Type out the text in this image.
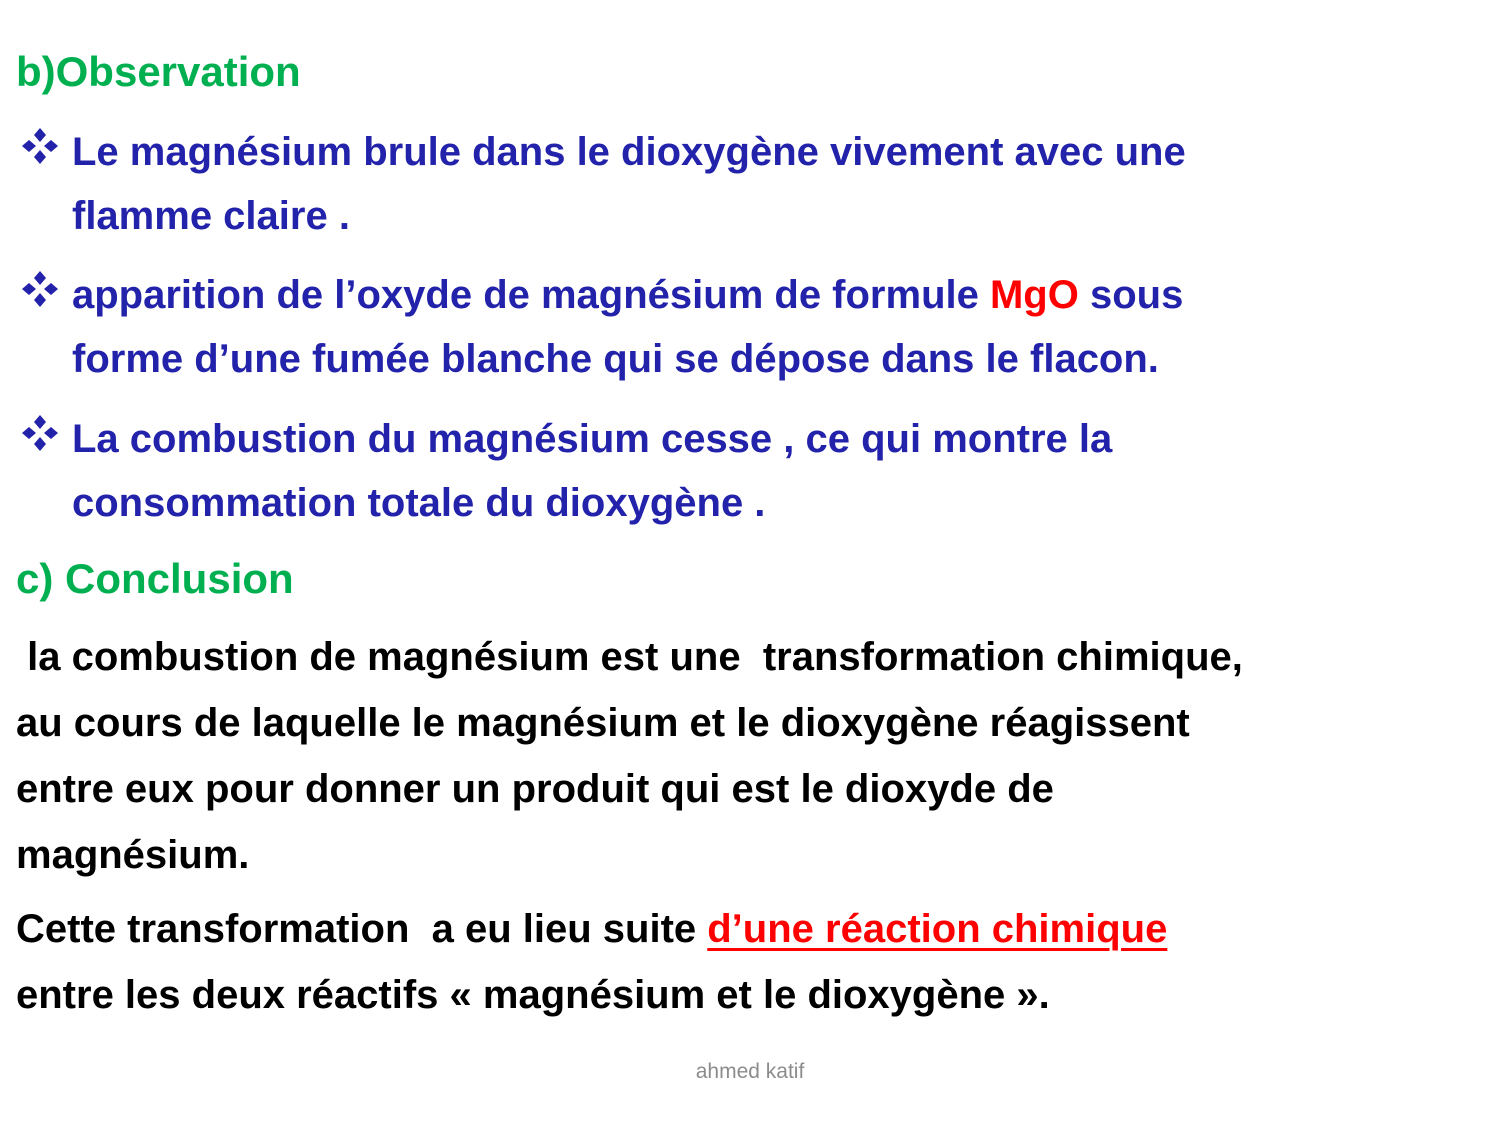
b)Observation
Le magnésium brule dans le dioxygène vivement avec une
flamme claire .
apparition de l’oxyde de magnésium de formule MgO sous
forme d’une fumée blanche qui se dépose dans le flacon.
La combustion du magnésium cesse , ce qui montre la
consommation totale du dioxygène .
c) Conclusion
la combustion de magnésium est une  transformation chimique,
au cours de laquelle le magnésium et le dioxygène réagissent
entre eux pour donner un produit qui est le dioxyde de
magnésium.
Cette transformation  a eu lieu suite d’une réaction chimique
entre les deux réactifs « magnésium et le dioxygène ».
ahmed katif
